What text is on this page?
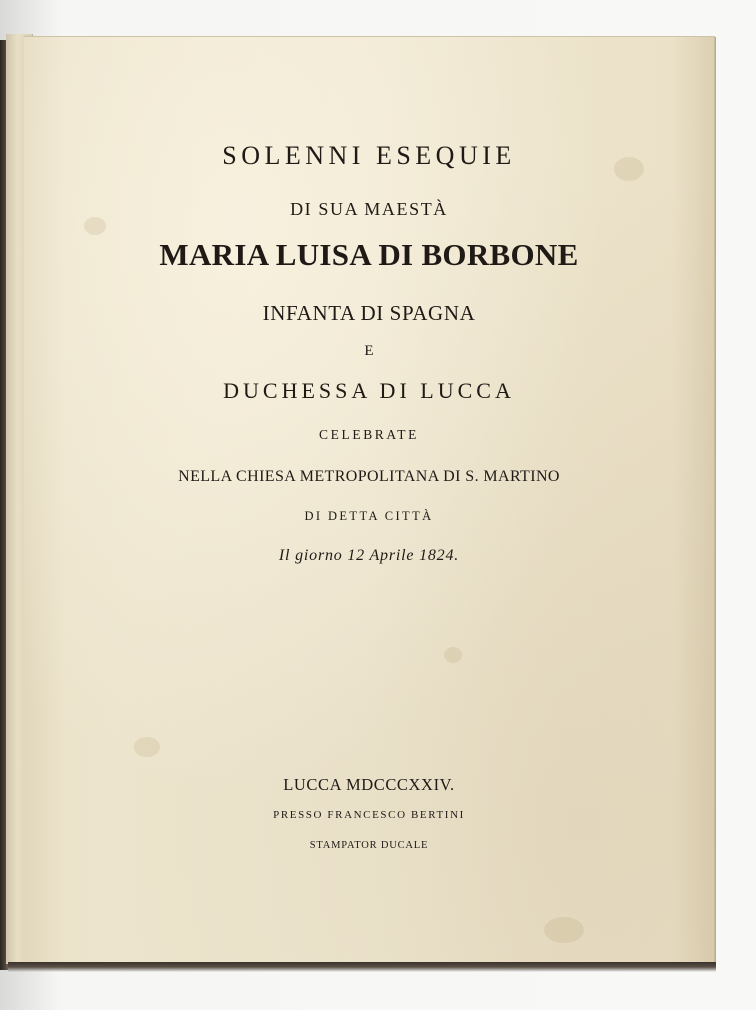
SOLENNI ESEQUIE
DI SUA MAESTÀ
MARIA LUISA DI BORBONE
INFANTA DI SPAGNA
E
DUCHESSA DI LUCCA
CELEBRATE
NELLA CHIESA METROPOLITANA DI S. MARTINO
DI DETTA CITTÀ
Il giorno 12 Aprile 1824.
LUCCA MDCCCXXIV.
PRESSO FRANCESCO BERTINI
STAMPATOR DUCALE
